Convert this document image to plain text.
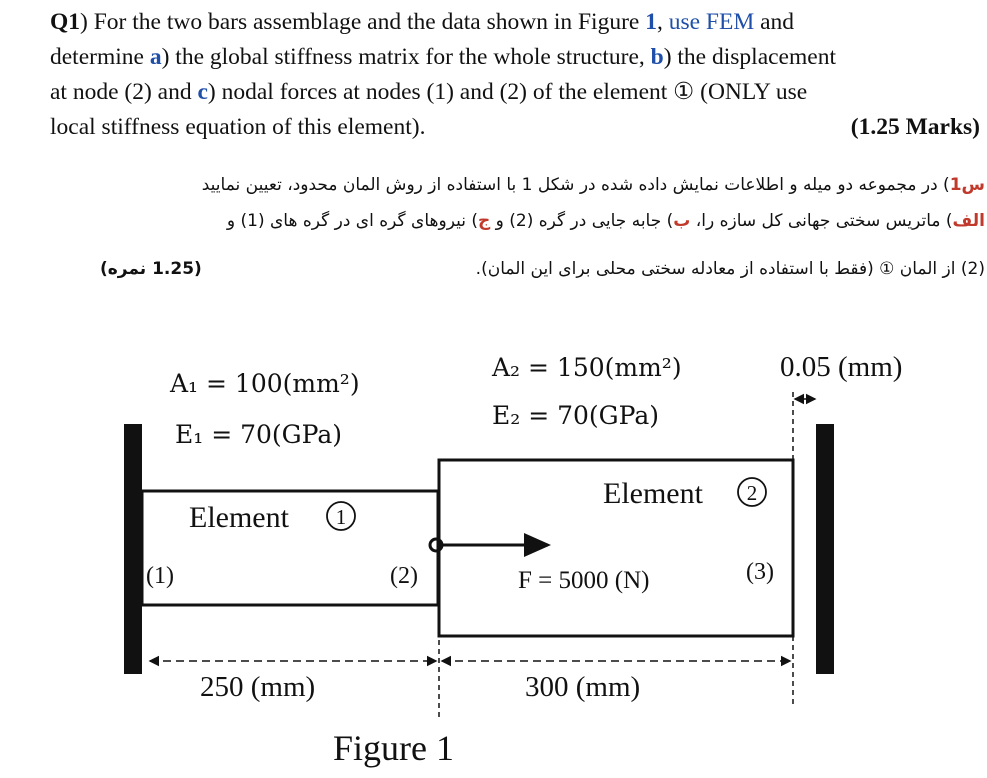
Q1) For the two bars assemblage and the data shown in Figure 1, use FEM and
determine a) the global stiffness matrix for the whole structure, b) the displacement
at node (2) and c) nodal forces at nodes (1) and (2) of the element ① (ONLY use
local stiffness equation of this element).	(1.25 Marks)
س1) در مجموعه دو میله و اطلاعات نمایش داده شده در شکل 1 با استفاده از روش المان محدود، تعیین نمایید
الف) ماتریس سختی جهانی کل سازه را، ب) جابه جایی در گره (2) و ج) نیروهای گره ای در گره های (1) و
(2) از المان ① (فقط با استفاده از معادله سختی محلی برای این المان).
(1.25 نمره)
A₁ = 100(mm²)
E₁ = 70(GPa)
A₂ = 150(mm²)
E₂ = 70(GPa)
0.05 (mm)
Element 1
Element 2
(1)	(2)	(3)
F = 5000 (N)
250 (mm)	300 (mm)
Figure 1
